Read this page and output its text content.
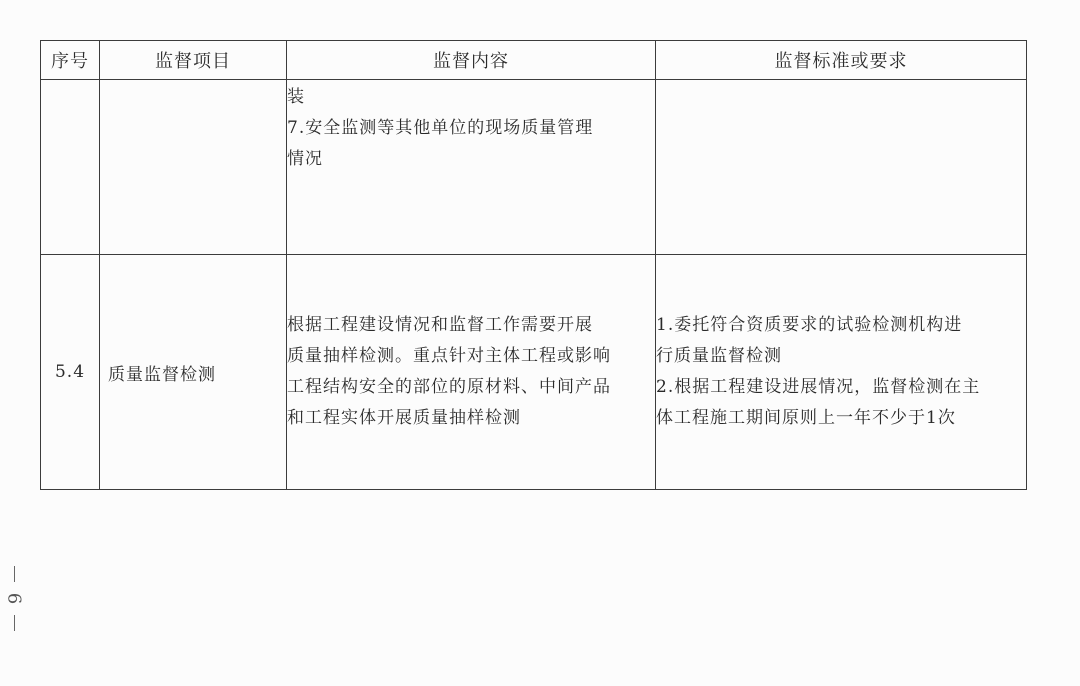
序号	监督项目	监督内容	监督标准或要求

		装
7.安全监测等其他单位的现场质量管理
情况	

5.4	质量监督检测	根据工程建设情况和监督工作需要开展
质量抽样检测。重点针对主体工程或影响
工程结构安全的部位的原材料、中间产品
和工程实体开展质量抽样检测	1.委托符合资质要求的试验检测机构进
行质量监督检测
2.根据工程建设进展情况，监督检测在主
体工程施工期间原则上一年不少于1次
6
